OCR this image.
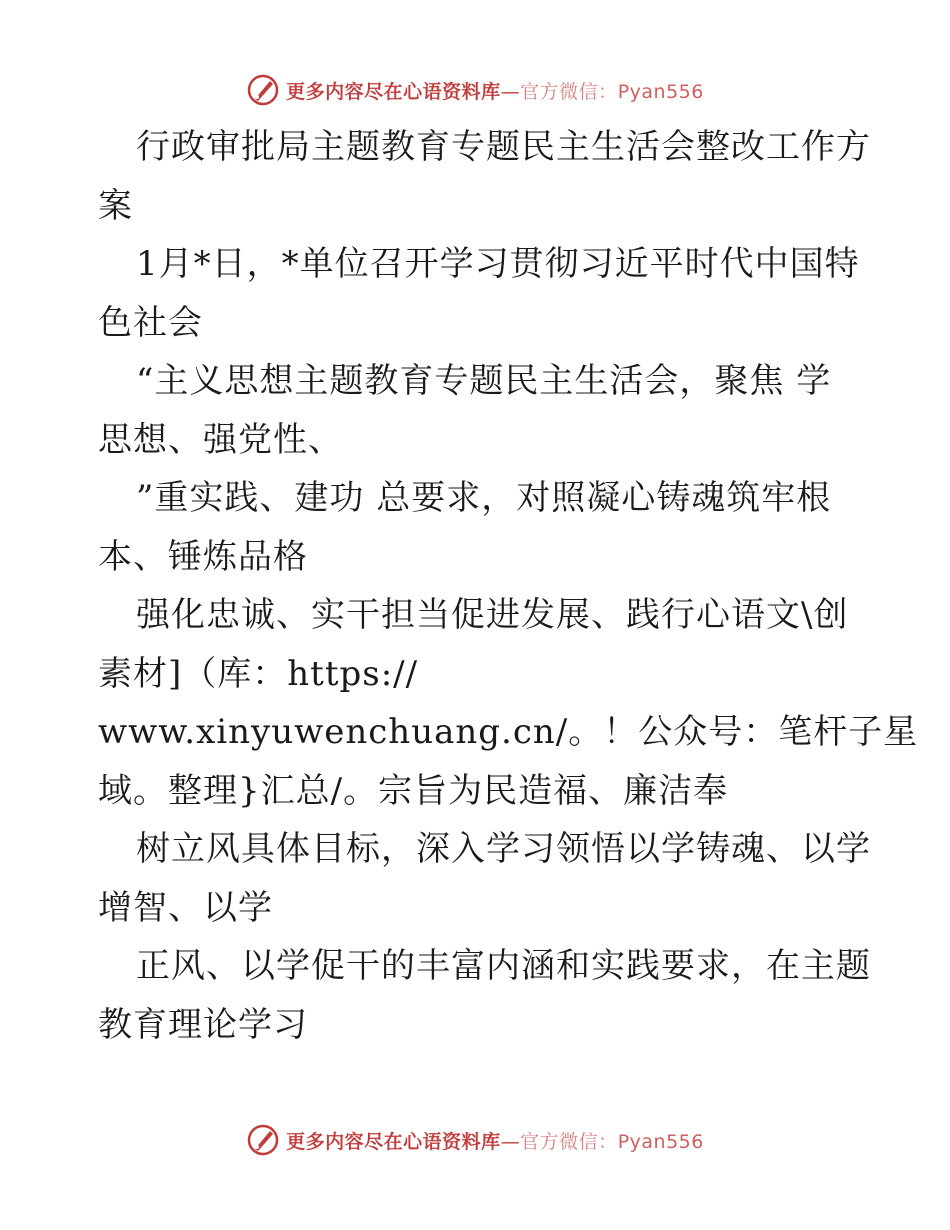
更多内容尽在心语资料库—官方微信：Pyan556
行政审批局主题教育专题民主生活会整改工作方
案
1月*日，*单位召开学习贯彻习近平时代中国特
色社会
“主义思想主题教育专题民主生活会，聚焦 学
思想、强党性、
”重实践、建功 总要求，对照凝心铸魂筑牢根
本、锤炼品格
强化忠诚、实干担当促进发展、践行心语文\创
素材]（库：https://
www.xinyuwenchuang.cn/。！公众号：笔杆子星
域。整理}汇总/。宗旨为民造福、廉洁奉
树立风具体目标，深入学习领悟以学铸魂、以学
增智、以学
正风、以学促干的丰富内涵和实践要求，在主题
教育理论学习
更多内容尽在心语资料库—官方微信：Pyan556
